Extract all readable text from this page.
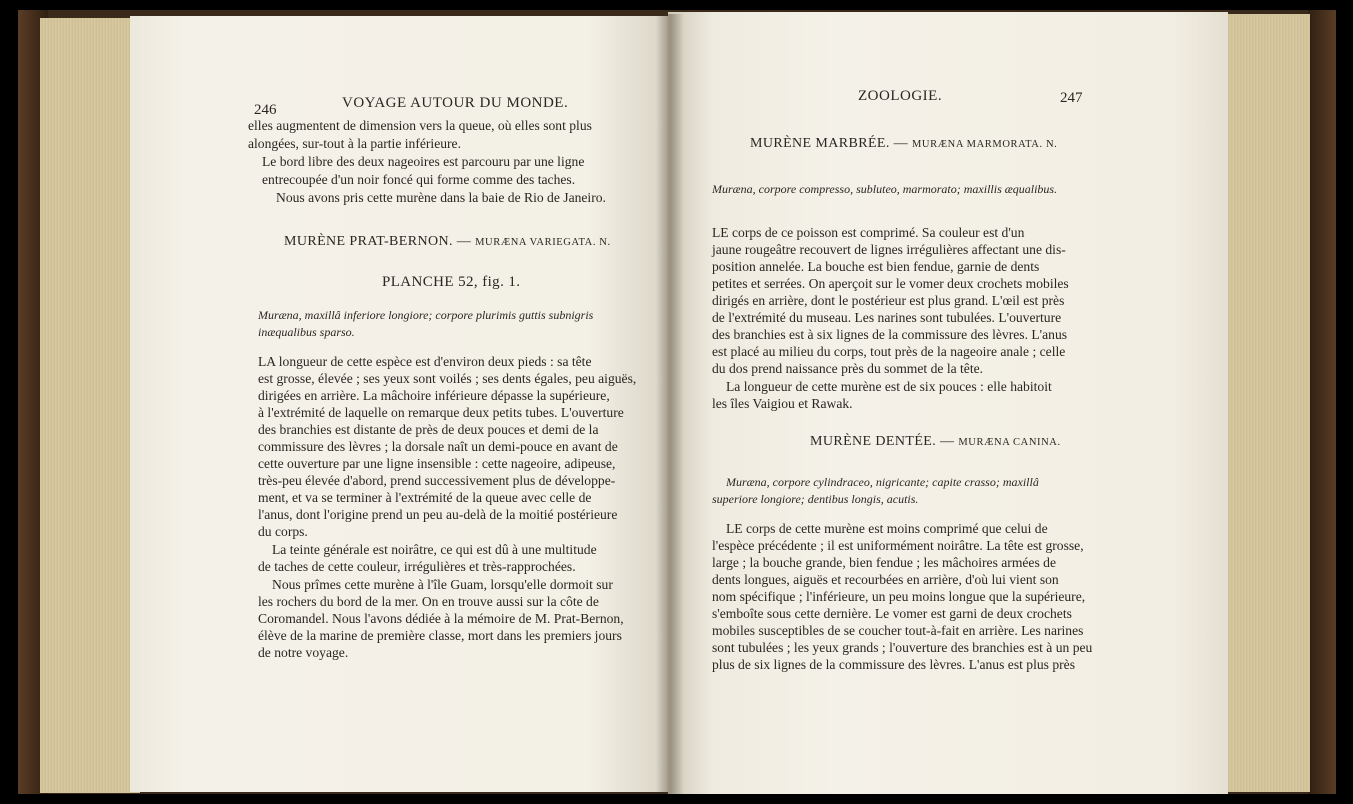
246	VOYAGE AUTOUR DU MONDE.
elles augmentent de dimension vers la queue, où elles sont plus
alongées, sur-tout à la partie inférieure.
Le bord libre des deux nageoires est parcouru par une ligne
entrecoupée d'un noir foncé qui forme comme des taches.
Nous avons pris cette murène dans la baie de Rio de Janeiro.
MURÈNE PRAT-BERNON. — MURÆNA VARIEGATA. N.
PLANCHE 52, fig. 1.
Muræna, maxillâ inferiore longiore; corpore plurimis guttis subnigris
inæqualibus sparso.
LA longueur de cette espèce est d'environ deux pieds : sa tête
est grosse, élevée ; ses yeux sont voilés ; ses dents égales, peu aiguës,
dirigées en arrière. La mâchoire inférieure dépasse la supérieure,
à l'extrémité de laquelle on remarque deux petits tubes. L'ouverture
des branchies est distante de près de deux pouces et demi de la
commissure des lèvres ; la dorsale naît un demi-pouce en avant de
cette ouverture par une ligne insensible : cette nageoire, adipeuse,
très-peu élevée d'abord, prend successivement plus de développe-
ment, et va se terminer à l'extrémité de la queue avec celle de
l'anus, dont l'origine prend un peu au-delà de la moitié postérieure
du corps.
La teinte générale est noirâtre, ce qui est dû à une multitude
de taches de cette couleur, irrégulières et très-rapprochées.
Nous prîmes cette murène à l'île Guam, lorsqu'elle dormoit sur
les rochers du bord de la mer. On en trouve aussi sur la côte de
Coromandel. Nous l'avons dédiée à la mémoire de M. Prat-Bernon,
élève de la marine de première classe, mort dans les premiers jours
de notre voyage.
ZOOLOGIE.	247
MURÈNE MARBRÉE. — MURÆNA MARMORATA. N.
Muræna, corpore compresso, subluteo, marmorato; maxillis æqualibus.
LE corps de ce poisson est comprimé. Sa couleur est d'un
jaune rougeâtre recouvert de lignes irrégulières affectant une dis-
position annelée. La bouche est bien fendue, garnie de dents
petites et serrées. On aperçoit sur le vomer deux crochets mobiles
dirigés en arrière, dont le postérieur est plus grand. L'œil est près
de l'extrémité du museau. Les narines sont tubulées. L'ouverture
des branchies est à six lignes de la commissure des lèvres. L'anus
est placé au milieu du corps, tout près de la nageoire anale ; celle
du dos prend naissance près du sommet de la tête.
La longueur de cette murène est de six pouces : elle habitoit
les îles Vaigiou et Rawak.
MURÈNE DENTÉE. — MURÆNA CANINA.
Muræna, corpore cylindraceo, nigricante; capite crasso; maxillâ
superiore longiore; dentibus longis, acutis.
LE corps de cette murène est moins comprimé que celui de
l'espèce précédente ; il est uniformément noirâtre. La tête est grosse,
large ; la bouche grande, bien fendue ; les mâchoires armées de
dents longues, aiguës et recourbées en arrière, d'où lui vient son
nom spécifique ; l'inférieure, un peu moins longue que la supérieure,
s'emboîte sous cette dernière. Le vomer est garni de deux crochets
mobiles susceptibles de se coucher tout-à-fait en arrière. Les narines
sont tubulées ; les yeux grands ; l'ouverture des branchies est à un peu
plus de six lignes de la commissure des lèvres. L'anus est plus près
